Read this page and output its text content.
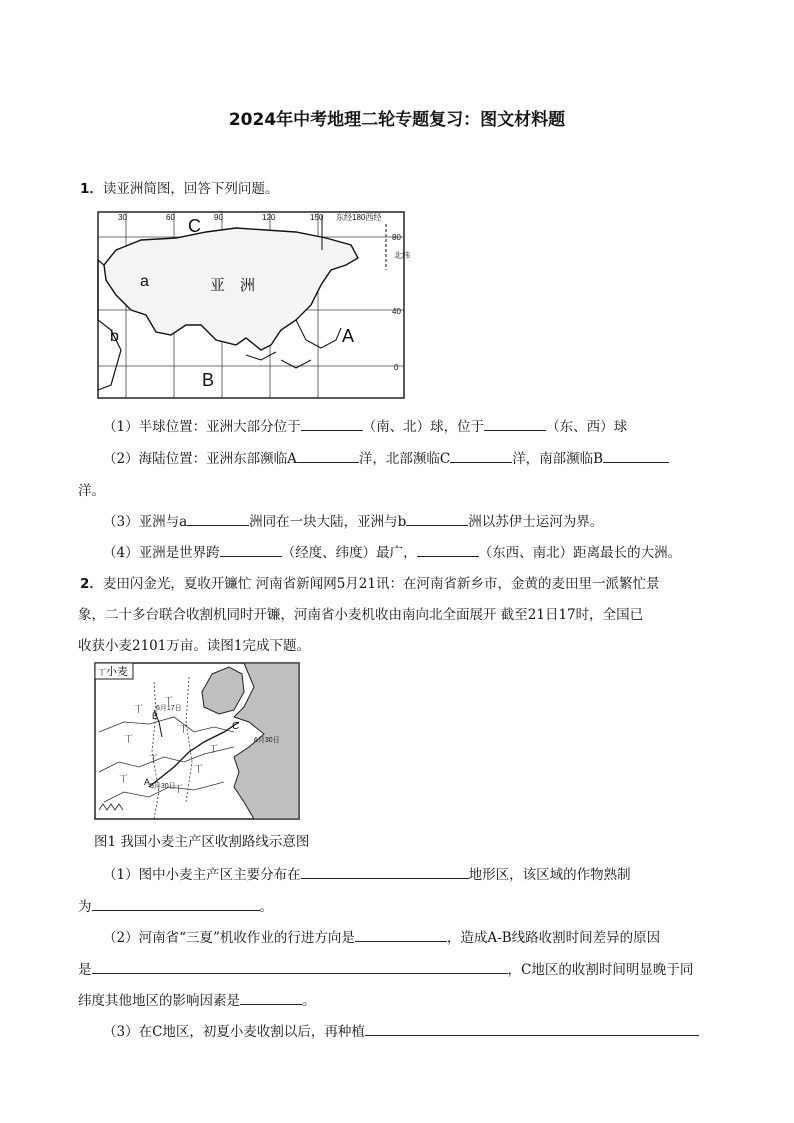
2024年中考地理二轮专题复习：图文材料题
1．读亚洲简图，回答下列问题。
30	60	90	120	150 东经180西经
80
北纬
40
0
C
a
b	A
B
亚　洲
（1）半球位置：亚洲大部分位于	（南、北）球，位于	（东、西）球
（2）海陆位置：亚洲东部濒临A	洋，北部濒临C	洋，南部濒临B
洋。
（3）亚洲与a	洲同在一块大陆，亚洲与b	洲以苏伊士运河为界。
（4）亚洲是世界跨	（经度、纬度）最广，	（东西、南北）距离最长的大洲。
2．麦田闪金光，夏收开镰忙 河南省新闻网5月21讯：在河南省新乡市，金黄的麦田里一派繁忙景
象，二十多台联合收割机同时开镰，河南省小麦机收由南向北全面展开 截至21日17时，全国已
收获小麦2101万亩。读图1完成下题。
丅
丅
丅
丅
丅
丅
丅
丅
丅
丅 小麦
6月17日
B
C
6月30日
A 5月30日
图1 我国小麦主产区收割路线示意图
（1）图中小麦主产区主要分布在	地形区，该区域的作物熟制
为	。
（2）河南省“三夏”机收作业的行进方向是	，造成A-B线路收割时间差异的原因
是	，C地区的收割时间明显晚于同
纬度其他地区的影响因素是	。
（3）在C地区，初夏小麦收割以后，再种植
